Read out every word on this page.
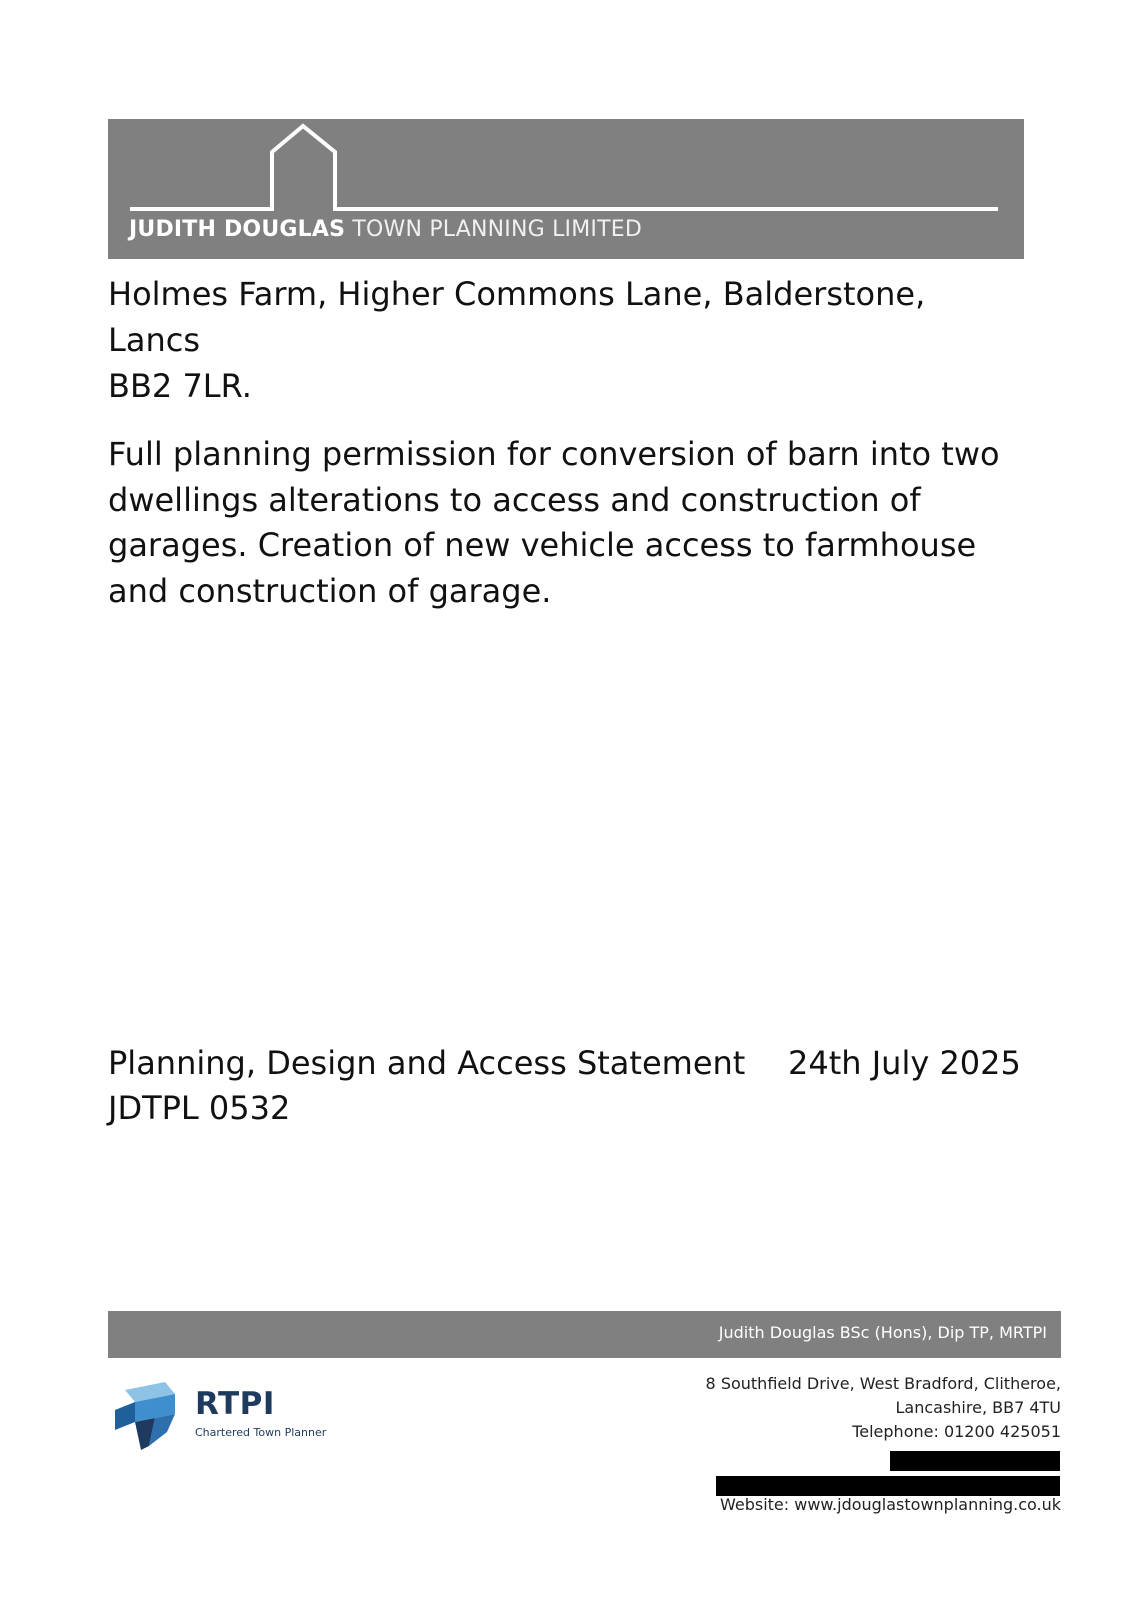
JUDITH DOUGLAS TOWN PLANNING LIMITED

Holmes Farm, Higher Commons Lane, Balderstone, Lancs
BB2 7LR.

Full planning permission for conversion of barn into two dwellings alterations to access and construction of garages. Creation of new vehicle access to farmhouse and construction of garage.

Planning, Design and Access Statement 24th July 2025
JDTPL 0532
Judith Douglas BSc (Hons), Dip TP, MRTPI
RTPI
Chartered Town Planner
8 Southfield Drive, West Bradford, Clitheroe,
Lancashire, BB7 4TU
Telephone: 01200 425051
Website: www.jdouglastownplanning.co.uk
